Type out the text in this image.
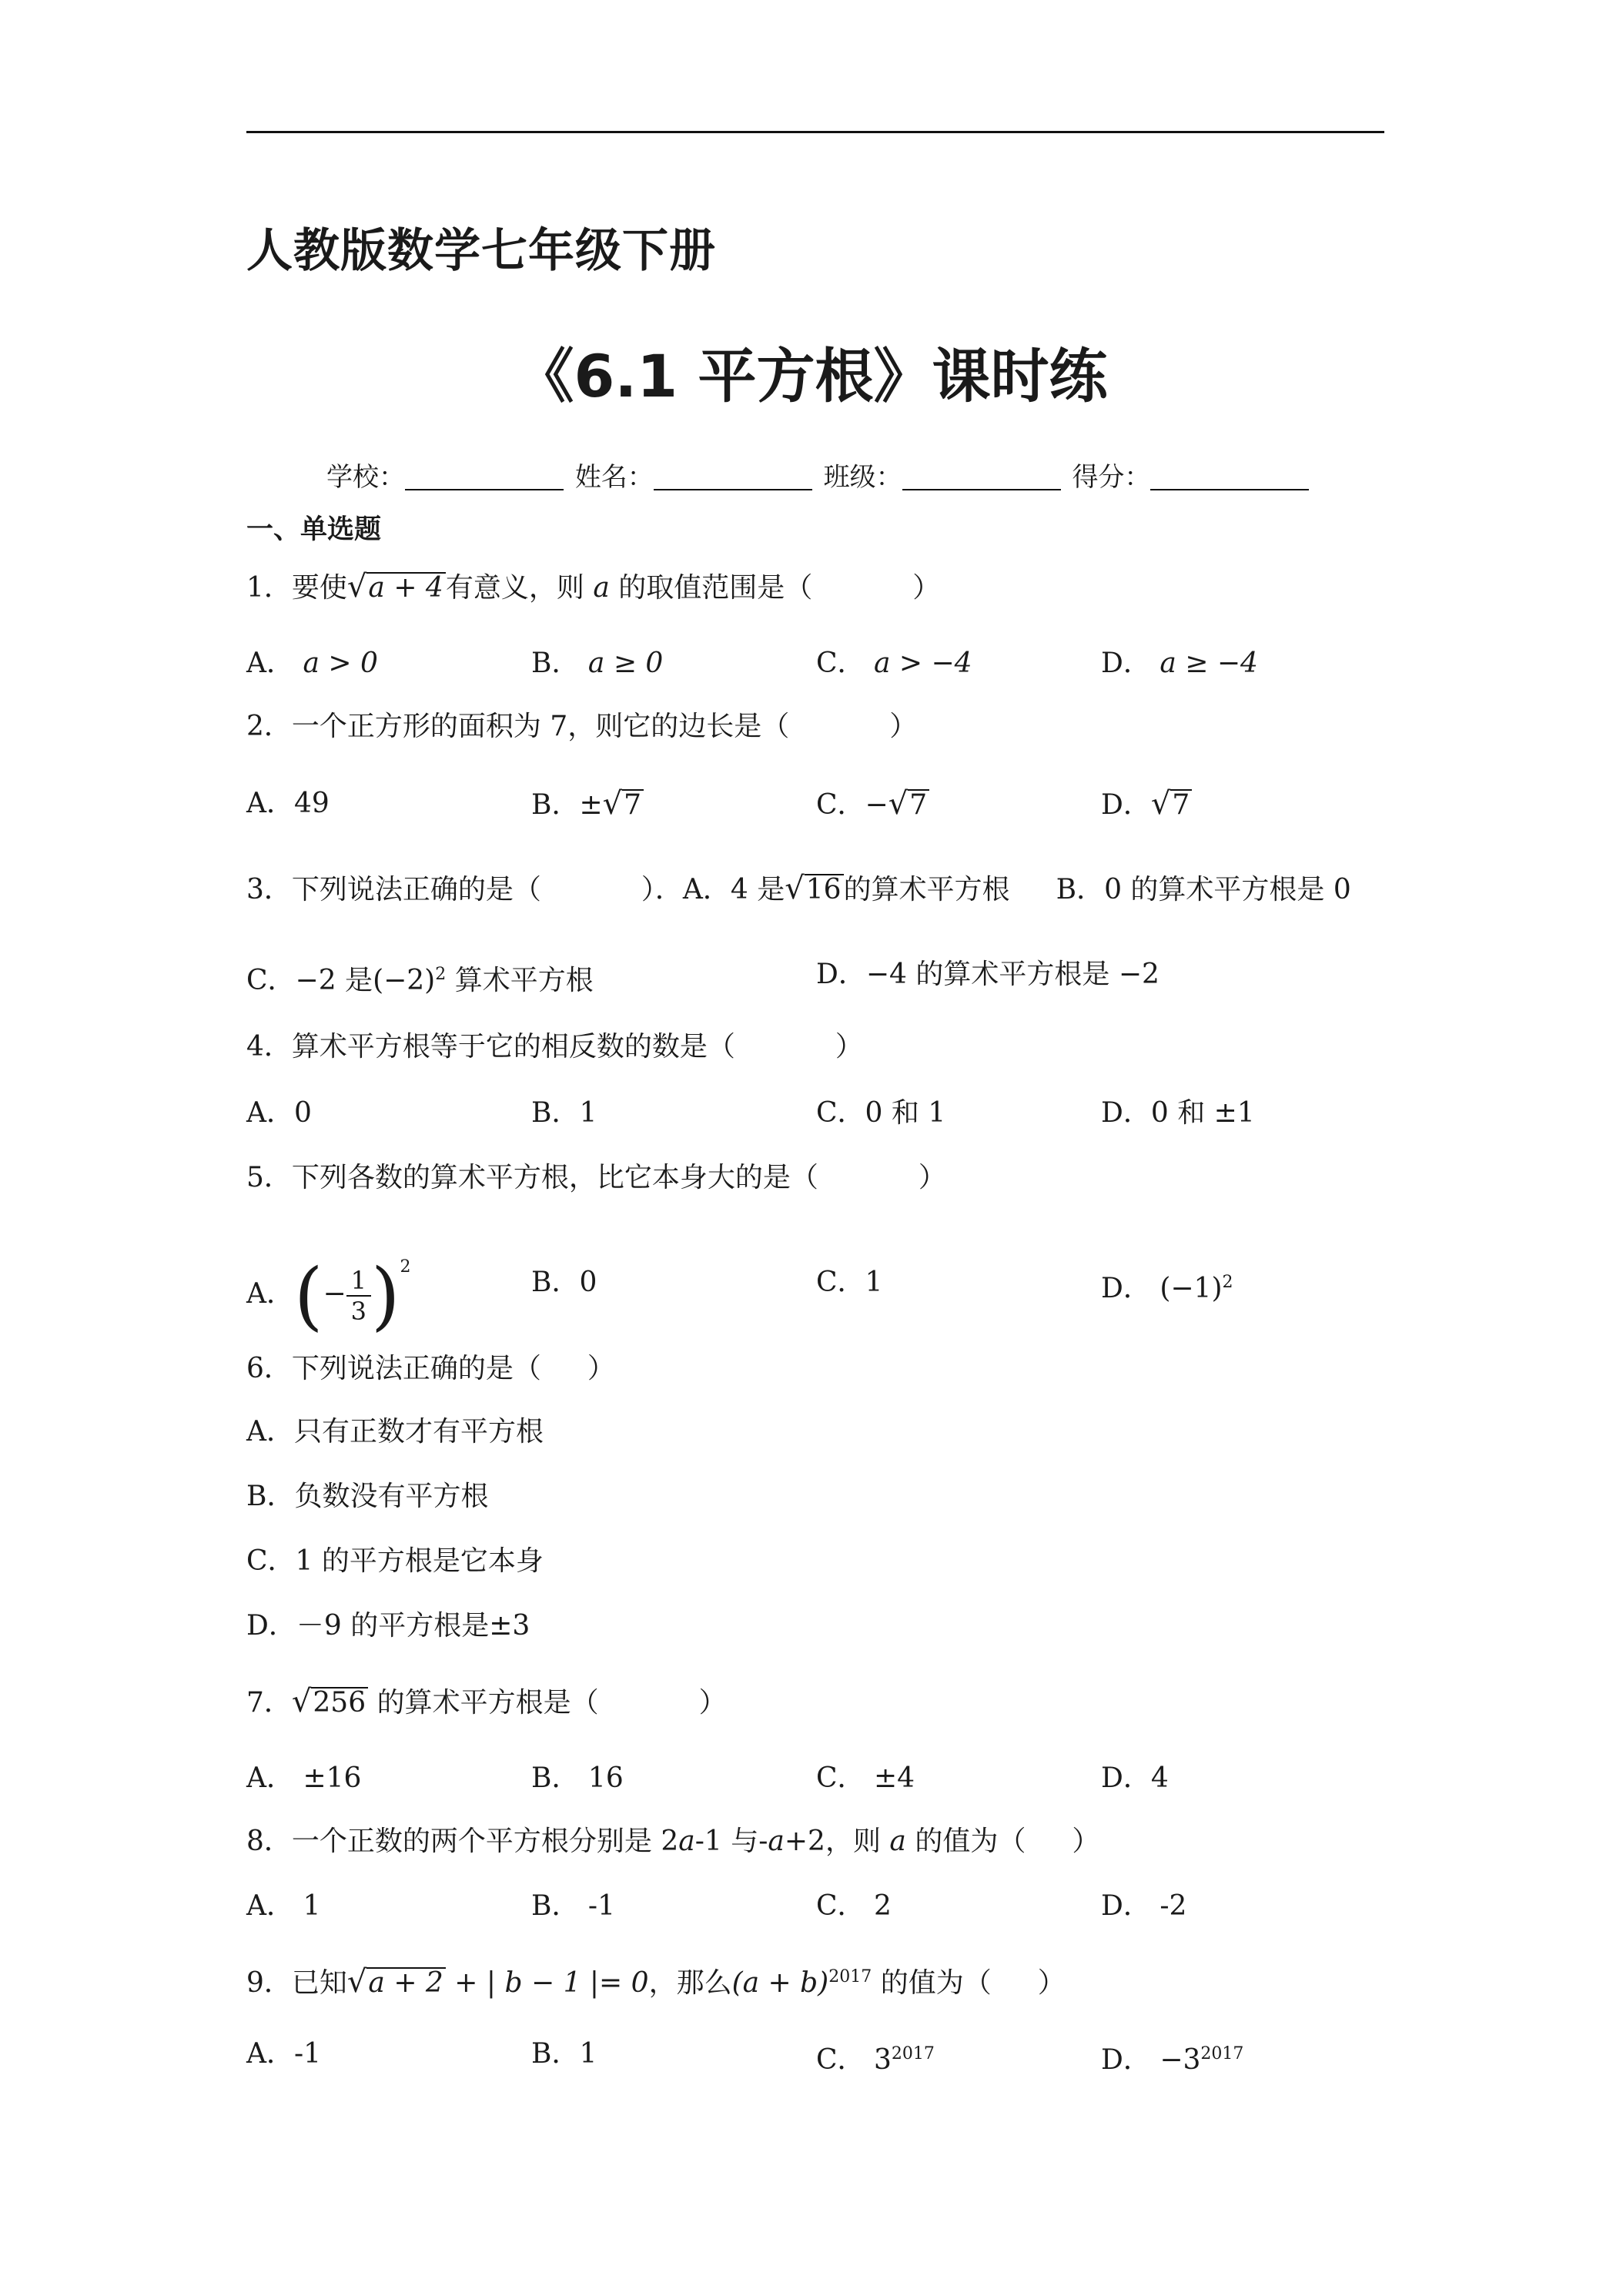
人教版数学七年级下册
《6.1 平方根》课时练
学校：	姓名：	班级：	得分：
一、单选题
1．要使√a + 4有意义，则 a 的取值范围是（	）
A． a > 0	B． a ≥ 0	C． a > −4	D． a ≥ −4
2．一个正方形的面积为 7，则它的边长是（	）
A．49	B．±√7	C．−√7	D．√7
3．下列说法正确的是（	）．A．4 是√16的算术平方根 B．0 的算术平方根是 0
C．−2 是$(-2)^2$ 算术平方根	D．−4 的算术平方根是 −2
4．算术平方根等于它的相反数的数是（	）
A．0	B．1	C．0 和 1	D．0 和 ±1
5．下列各数的算术平方根，比它本身大的是（	）
A．(− $\frac{1}{3} )^2$	B．0	C．1	D． $(-1)^2$
6．下列说法正确的是（ ）
A．只有正数才有平方根
B．负数没有平方根
C．1 的平方根是它本身
D．－9 的平方根是±3
7．√256 的算术平方根是（	）
A． ±16	B． 16	C． ±4	D．4
8．一个正数的两个平方根分别是 2a-1 与-a+2，则 a 的值为（ ）
A． 1	B． -1	C． 2	D． -2
9．已知√a + 2 + | b − 1 |= 0，那么$(a + b)^{2017}$ 的值为（ ）
A．-1	B．1	C． $3^{2017}$	D． $-3^{2017}$
